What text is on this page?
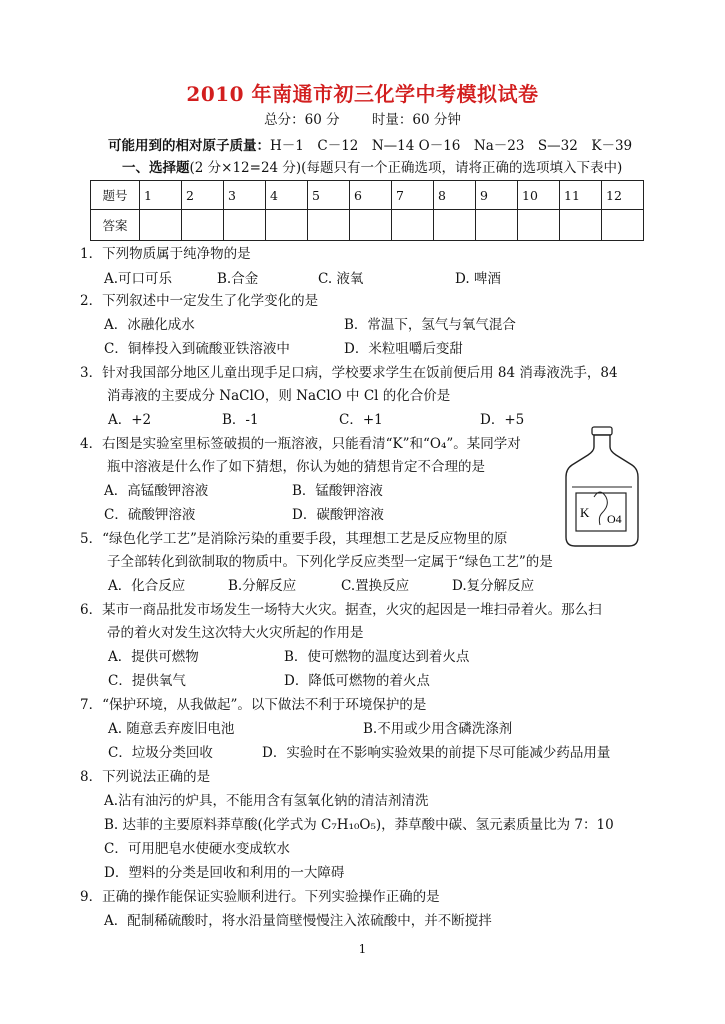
2010 年南通市初三化学中考模拟试卷
总分：60 分 时量：60 分钟
可能用到的相对原子质量：H－1　C－12　N—14 O－16　Na－23　S—32　K－39
一、选择题(2 分×12=24 分)(每题只有一个正确选项，请将正确的选项填入下表中)
题号	1	2	3	4	5	6	7	8	9	10	11	12
答案												
1．下列物质属于纯净物的是
A.可口可乐	B.合金	C. 液氧	D. 啤酒
2．下列叙述中一定发生了化学变化的是
A．冰融化成水	B．常温下，氢气与氧气混合
C．铜棒投入到硫酸亚铁溶液中	D．米粒咀嚼后变甜
3．针对我国部分地区儿童出现手足口病，学校要求学生在饭前便后用 84 消毒液洗手，84
消毒液的主要成分 NaClO，则 NaClO 中 Cl 的化合价是
A．+2	B．-1	C．+1	D．+5
4．右图是实验室里标签破损的一瓶溶液，只能看清“K”和“O₄”。某同学对
瓶中溶液是什么作了如下猜想，你认为她的猜想肯定不合理的是
A．高锰酸钾溶液	B．锰酸钾溶液
C．硫酸钾溶液	D．碳酸钾溶液	K O4
5．“绿色化学工艺”是消除污染的重要手段，其理想工艺是反应物里的原
子全部转化到欲制取的物质中。下列化学反应类型一定属于“绿色工艺”的是
A．化合反应	B.分解反应	C.置换反应	D.复分解反应
6．某市一商品批发市场发生一场特大火灾。据查，火灾的起因是一堆扫帚着火。那么扫
帚的着火对发生这次特大火灾所起的作用是
A．提供可燃物	B．使可燃物的温度达到着火点
C．提供氧气	D．降低可燃物的着火点
7．“保护环境，从我做起”。以下做法不利于环境保护的是
A. 随意丢弃废旧电池	B.不用或少用含磷洗涤剂
C．垃圾分类回收	D．实验时在不影响实验效果的前提下尽可能减少药品用量
8．下列说法正确的是
A.沾有油污的炉具，不能用含有氢氧化钠的清洁剂清洗
B. 达菲的主要原料莽草酸(化学式为 C₇H₁₀O₅)，莽草酸中碳、氢元素质量比为 7：10
C．可用肥皂水使硬水变成软水
D．塑料的分类是回收和利用的一大障碍
9．正确的操作能保证实验顺利进行。下列实验操作正确的是
A．配制稀硫酸时，将水沿量筒壁慢慢注入浓硫酸中，并不断搅拌
1
